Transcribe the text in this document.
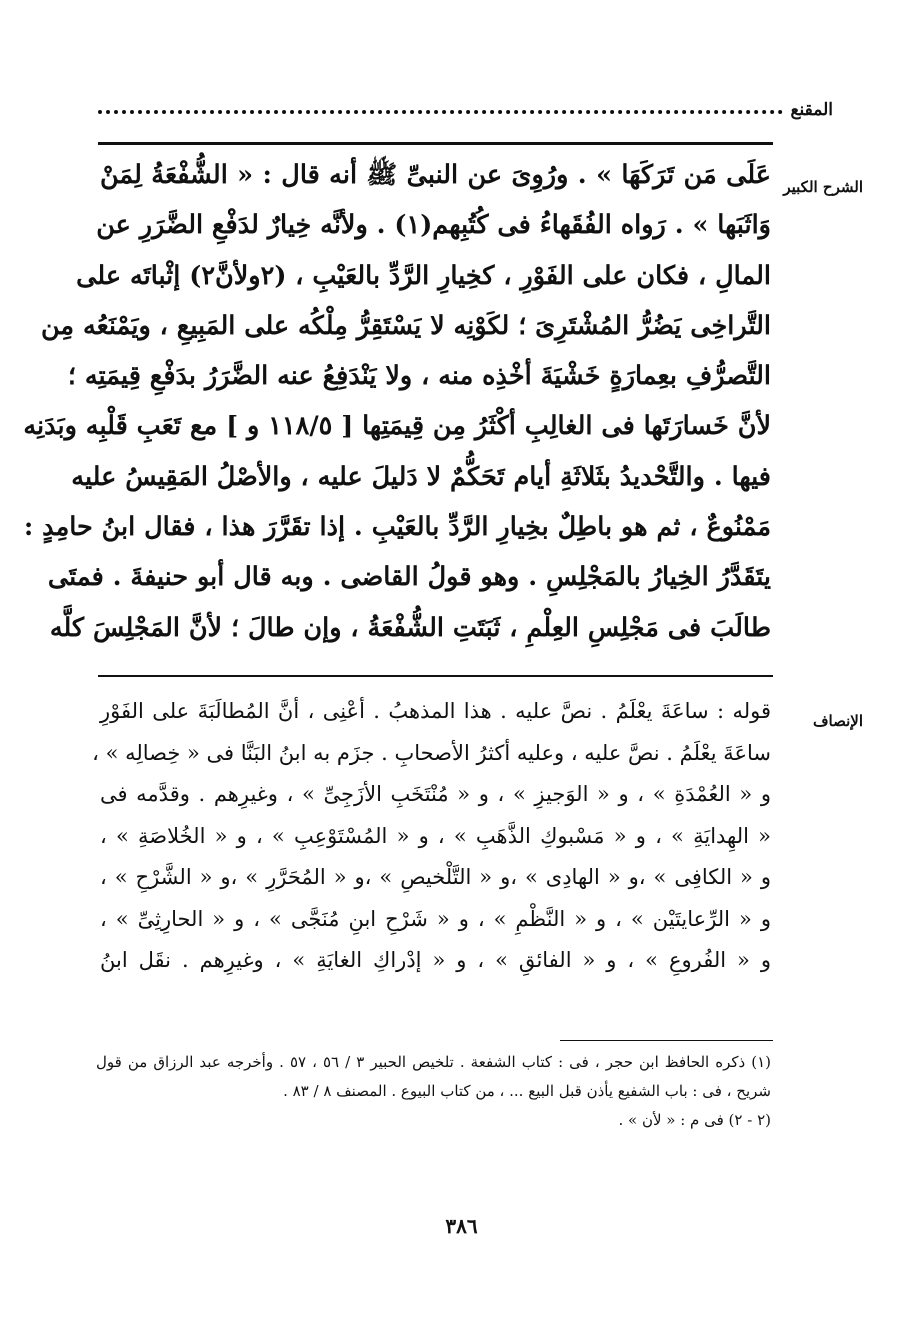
المقنع
الشرح الكبير
عَلَى مَن تَرَكَهَا » . ورُوِىَ عن النبىِّ ﷺ أنه قال : « الشُّفْعَةُ لِمَنْ
وَاثَبَها » . رَواه الفُقَهاءُ فى كُتُبِهم(١) . ولأنَّه خِيارٌ لدَفْعِ الضَّرَرِ عن
المالِ ، فكان على الفَوْرِ ، كخِيارِ الرَّدِّ بالعَيْبِ ، (٢ولأنَّ٢) إثْباتَه على
التَّراخِى يَضُرُّ المُشْتَرِىَ ؛ لكَوْنِه لا يَسْتَقِرُّ مِلْكُه على المَبِيعِ ، ويَمْنَعُه مِن
التَّصرُّفِ بعِمارَةٍ خَشْيَةَ أخْذِه منه ، ولا يَنْدَفِعُ عنه الضَّرَرُ بدَفْعِ قِيمَتِه ؛
لأنَّ خَسارَتَها فى الغالِبِ أكْثَرُ مِن قِيمَتِها [ ١١٨/٥ و ] مع تَعَبِ قَلْبِه وبَدَنِه
فيها . والتَّحْديدُ بثَلاثَةِ أيام تَحَكُّمٌ لا دَليلَ عليه ، والأصْلُ المَقِيسُ عليه
مَمْنُوعٌ ، ثم هو باطِلٌ بخِيارِ الرَّدِّ بالعَيْبِ . إذا تقَرَّرَ هذا ، فقال ابنُ حامِدٍ :
يتَقَدَّرُ الخِيارُ بالمَجْلِسِ . وهو قولُ القاضى . وبه قال أبو حنيفةَ . فمتَى
طالَبَ فى مَجْلِسِ العِلْمِ ، ثَبَتَتِ الشُّفْعَةُ ، وإن طالَ ؛ لأنَّ المَجْلِسَ كلَّه
الإنصاف
قوله : ساعَةَ يعْلَمُ . نصَّ عليه . هذا المذهبُ . أعْنِى ، أنَّ المُطالَبَةَ على الفَوْرِ
ساعَةَ يعْلَمُ . نصَّ عليه ، وعليه أكثرُ الأصحابِ . جزَم به ابنُ البَنَّا فى « خِصالِه » ،
و « العُمْدَةِ » ، و « الوَجيزِ » ، و « مُنْتَخَبِ الأزَجِىِّ » ، وغيرِهم . وقدَّمه فى
« الهِدايَةِ » ، و « مَسْبوكِ الذَّهَبِ » ، و « المُسْتَوْعِبِ » ، و « الخُلاصَةِ » ،
و « الكافِى » ،و « الهادِى » ،و « التَّلْخيصِ » ،و « المُحَرَّرِ » ،و « الشَّرْحِ » ،
و « الرِّعايتَيْن » ، و « النَّظْمِ » ، و « شَرْحِ ابنِ مُنَجَّى » ، و « الحارِثِىِّ » ،
و « الفُروعِ » ، و « الفائقِ » ، و « إدْراكِ الغايَةِ » ، وغيرِهم . نقَل ابنُ
(١) ذكره الحافظ ابن حجر ، فى : كتاب الشفعة . تلخيص الحبير ٣ / ٥٦ ، ٥٧ . وأخرجه عبد الرزاق من قول
شريح ، فى : باب الشفيع يأذن قبل البيع ... ، من كتاب البيوع . المصنف ٨ / ٨٣ .
(٢ - ٢) فى م : « لأن » .
٣٨٦
